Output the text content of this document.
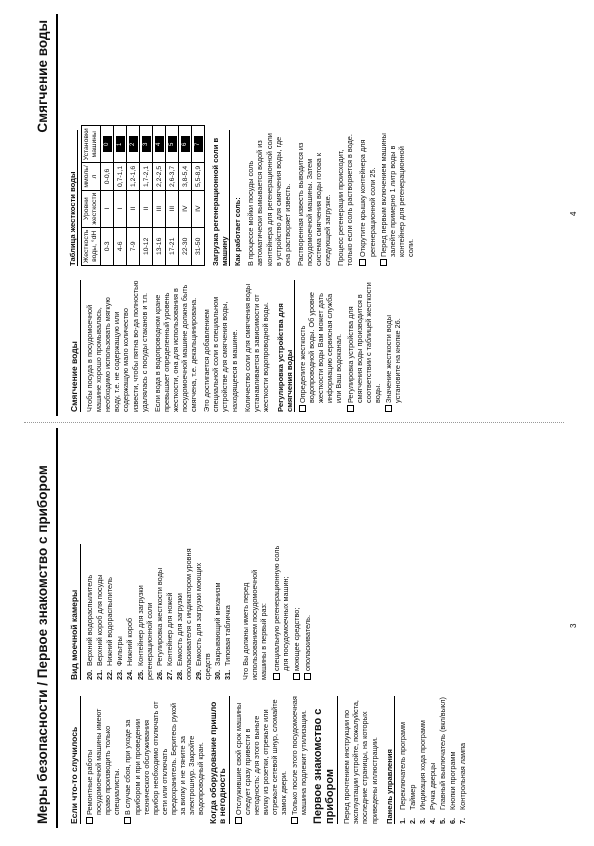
Меры безопасности / Первое знакомство с прибором Если что-то случилось Ремонтные работы посудомоечной машины имеют право производить только специалисты. В случае сбоя, при уходе за прибором и при проведении технического обслуживания прибор необходимо отключать от сети или отключать предохранитель. Беритесь рукой за вилку и не тяните за электрошнур. Закройте водопроводный кран. Когда оборудование пришло в негодность Отслужившие свой срок машины следует сразу привести в негодность: для этого выньте вилку из розетки, отрежьте или отрежьте сетевой шнур, сломайте замок двери. Только после этого посудомоечная машина подлежит утилизации. Первое знакомство с прибором Перед прочтением инструкции по эксплуатации устройте, пожалуйста, последние страницы, на которых приведены иллюстрации. Панель управления 1.Переключатель программ
2.Таймер
3.Индикация хода программ
4.Ручка дверцы
5.Главный выключатель (вкл/выкл)
6.Кнопки программ
7.Контрольная лампа
Вид моечной камеры 20.Верхний водораспылитель
21.Верхний короб для посуды
22.Нижний водораспылитель
23.Фильтры
24.Нижний короб
25.Контейнер для загрузки регенерационной соли 26.Регулировка жесткости воды
27.Контейнер для ножей
28.Емкость для загрузки ополаскивателя с индикатором уровня 29.Емкость для загрузки моющих средств 30.Закрывающий механизм
31.Типовая табличка Что Вы должны иметь перед использованием посудомоечной машины в первый раз: специальную регенерационную соль для посудомоечных машин; моющее средство; ополаскиватель.	3
Смягчение воды
Смягчение воды Чтобы посуда в посудомоечной машине хорошо промывалась, необходимо использовать мягкую воду, т.е. не содержащую или содержащую мало количество извести, чтобы пятна во-да полностью удалялась с посуды стаканов и т.п. Если вода в водопроводном кране превышает определенный уровень жесткости, она для использования в посудомоечной машине должна быть смягчена, т.е. декальцинирована. Это достигается добавлением специальной соли в специальном устройстве для смягчения воды, находящееся в машине. Количество соли для смягчения воды устанавливается в зависимости от жесткости водопроводной воды. Регулировка устройства для смягчения воды Определите жесткость водопроводной воды. Об уровне жесткости воды Вам может дать информацию сервисная служба или Ваш водоканал. Регулировка устройства для смягчения воды производится в соответствии с таблицей жесткости воды. Значение жесткости воды установите на кнопке 26.
Таблица жесткости воды Жесткость воды, °dH	Уровни жесткости	ммоль/л	Установки машины
0-3	I	0-0,6	0
4-6	I	0,7-1,1	1
7-9	II	1,2-1,6	2
10-12	II	1,7-2,1	3
13-16	III	2,2-2,5	4
17-21	III	2,6-3,7	5
22-30	IV	3,8-5,4	6
31-50	IV	5,5-8,9	7 Загрузка регенерационной соли в машину Как работает соль: В процессе мойки посуды соль автоматически вымывается водой из контейнера для регенерационной соли в устройство для смягчения воды, где она растворяет известь. Растворенная известь выводится из посудомоечной машины. Затем система смягчения воды готова к следующей загрузке. Процесс регенерации происходит, только если соль растворяется в воде. Открутите крышку контейнера для регенерационной соли 25. Перед первым включением машины залейте примерно 1 литр воды в контейнер для регенерационной соли.
4
